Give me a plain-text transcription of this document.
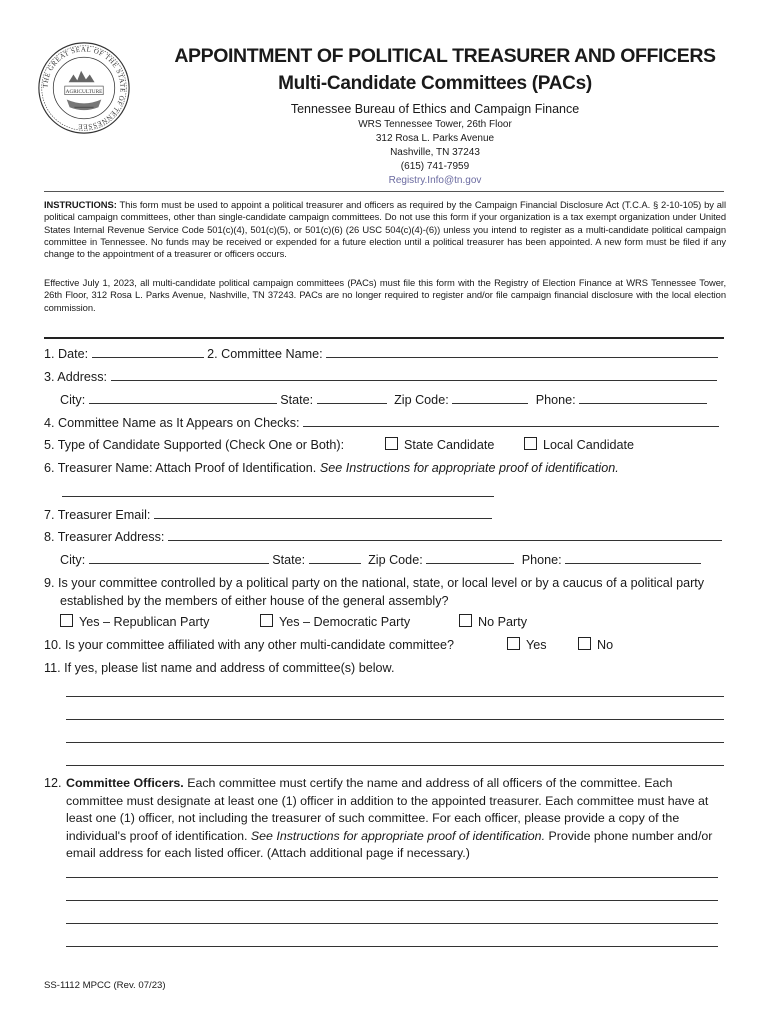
THE GREAT SEAL OF THE STATE OF TENNESSEE
AGRICULTURE
APPOINTMENT OF POLITICAL TREASURER AND OFFICERS
Multi-Candidate Committees (PACs)
Tennessee Bureau of Ethics and Campaign Finance
WRS Tennessee Tower, 26th Floor
312 Rosa L. Parks Avenue
Nashville, TN 37243
(615) 741-7959
Registry.Info@tn.gov
INSTRUCTIONS: This form must be used to appoint a political treasurer and officers as required by the Campaign Financial Disclosure Act (T.C.A. § 2-10-105) by all political campaign committees, other than single-candidate campaign committees. Do not use this form if your organization is a tax exempt organization under United States Internal Revenue Service Code 501(c)(4), 501(c)(5), or 501(c)(6) (26 USC 504(c)(4)-(6)) unless you intend to register as a multi-candidate political campaign committee in Tennessee. No funds may be received or expended for a future election until a political treasurer has been appointed. A new form must be filed if any change to the appointment of a treasurer or officers occurs.
Effective July 1, 2023, all multi-candidate political campaign committees (PACs) must file this form with the Registry of Election Finance at WRS Tennessee Tower, 26th Floor, 312 Rosa L. Parks Avenue, Nashville, TN 37243. PACs are no longer required to register and/or file campaign financial disclosure with the local election commission.
1. Date:	2. Committee Name:
3. Address:
City:	State:	Zip Code:	Phone:
4. Committee Name as It Appears on Checks:
5. Type of Candidate Supported (Check One or Both):	State Candidate	Local Candidate
6. Treasurer Name: Attach Proof of Identification. See Instructions for appropriate proof of identification.
7. Treasurer Email:
8. Treasurer Address:
City:	State:	Zip Code:	Phone:
9. Is your committee controlled by a political party on the national, state, or local level or by a caucus of a political party established by the members of either house of the general assembly?
Yes – Republican Party	Yes – Democratic Party	No Party
10. Is your committee affiliated with any other multi-candidate committee?	Yes	No
11. If yes, please list name and address of committee(s) below.
12. Committee Officers. Each committee must certify the name and address of all officers of the committee. Each committee must designate at least one (1) officer in addition to the appointed treasurer. Each committee must have at least one (1) officer, not including the treasurer of such committee. For each officer, please provide a copy of the individual's proof of identification. See Instructions for appropriate proof of identification. Provide phone number and/or email address for each listed officer. (Attach additional page if necessary.)
SS-1112 MPCC (Rev. 07/23)
